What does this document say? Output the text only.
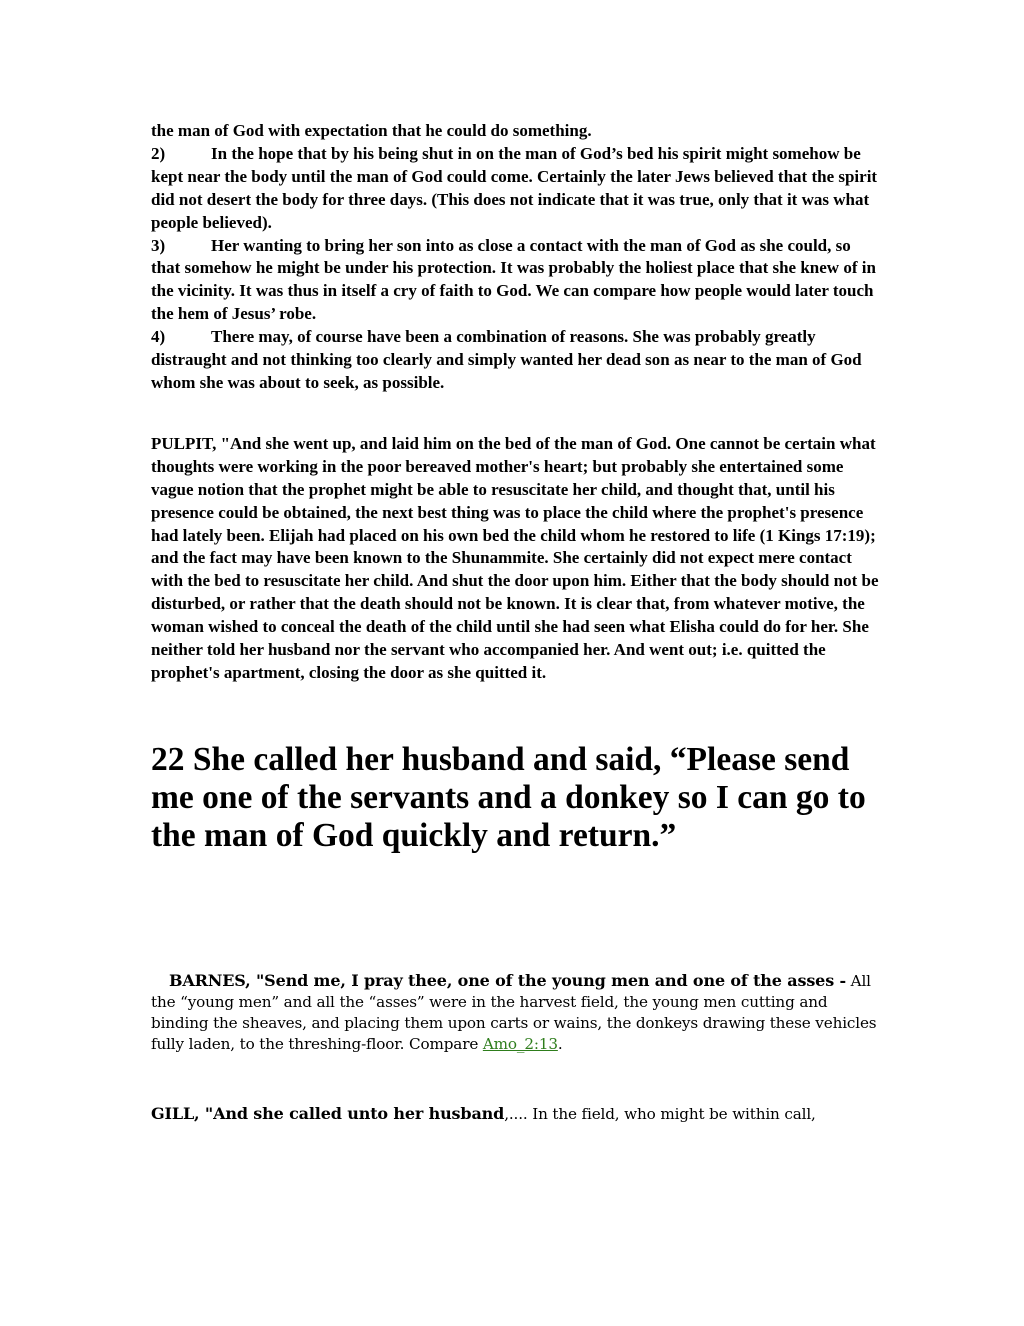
the man of God with expectation that he could do something.

2)	In the hope that by his being shut in on the man of God’s bed his spirit might somehow be kept near the body until the man of God could come. Certainly the later Jews believed that the spirit did not desert the body for three days. (This does not indicate that it was true, only that it was what people believed).

3)	Her wanting to bring her son into as close a contact with the man of God as she could, so that somehow he might be under his protection. It was probably the holiest place that she knew of in the vicinity. It was thus in itself a cry of faith to God. We can compare how people would later touch the hem of Jesus’ robe.

4)	There may, of course have been a combination of reasons. She was probably greatly distraught and not thinking too clearly and simply wanted her dead son as near to the man of God whom she was about to seek, as possible.

PULPIT, "And she went up, and laid him on the bed of the man of God. One cannot be certain what thoughts were working in the poor bereaved mother's heart; but probably she entertained some vague notion that the prophet might be able to resuscitate her child, and thought that, until his presence could be obtained, the next best thing was to place the child where the prophet's presence had lately been. Elijah had placed on his own bed the child whom he restored to life (1 Kings 17:19); and the fact may have been known to the Shunammite. She certainly did not expect mere contact with the bed to resuscitate her child. And shut the door upon him. Either that the body should not be disturbed, or rather that the death should not be known. It is clear that, from whatever motive, the woman wished to conceal the death of the child until she had seen what Elisha could do for her. She neither told her husband nor the servant who accompanied her. And went out; i.e. quitted the prophet's apartment, closing the door as she quitted it.

22 She called her husband and said, “Please send me one of the servants and a donkey so I can go to the man of God quickly and return.”

BARNES, "Send me, I pray thee, one of the young men and one of the asses - All the “young men” and all the “asses” were in the harvest field, the young men cutting and binding the sheaves, and placing them upon carts or wains, the donkeys drawing these vehicles fully laden, to the threshing-floor. Compare Amo_2:13.

GILL, "And she called unto her husband,.... In the field, who might be within call,
